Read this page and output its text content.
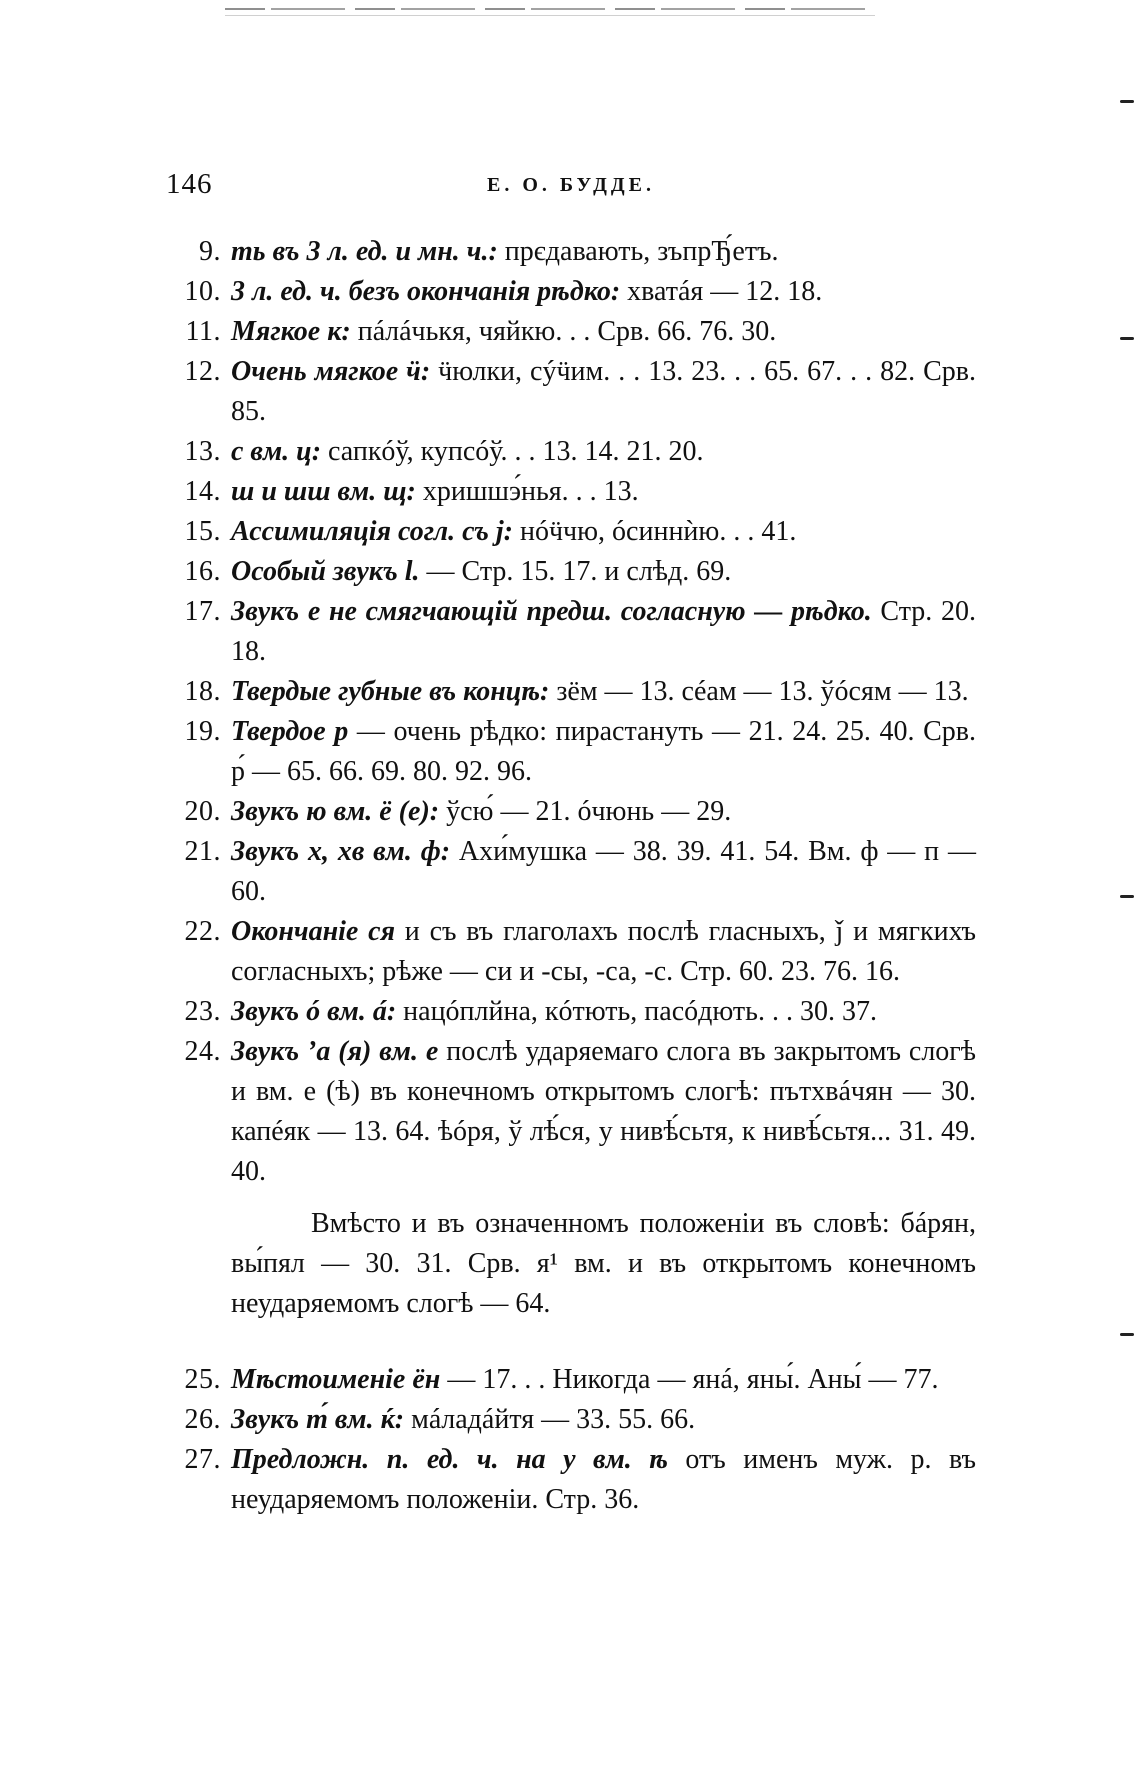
146	Е. О. БУДДЕ.
9. ть въ 3 л. ед. и мн. ч.: прєдавають, зъпрЂ́етъ.
10. 3 л. ед. ч. безъ окончанія рѣдко: хватáя — 12. 18.
11. Мягкое к: пáлáчькя, чяйкю. . . Срв. 66. 76. 30.
12. Очень мягкое ӵ: ӵюлки, сýӵим. . . 13. 23. . . 65. 67. . . 82. Срв. 85.
13. с вм. ц: сапкóў, купсóў. . . 13. 14. 21. 20.
14. ш и шш вм. щ: хришшэ́нья. . . 13.
15. Ассимиляція согл. съ j: нóӵчю, óсиннѝю. . . 41.
16. Особый звукъ l. — Стр. 15. 17. и слѣд. 69.
17. Звукъ е не смягчающій предш. согласную — рѣдко. Стр. 20. 18.
18. Твердые губные въ концѣ: зём — 13. сéам — 13. ўóсям — 13.
19. Твердое р — очень рѣдко: пирастануть — 21. 24. 25. 40. Срв. р́ — 65. 66. 69. 80. 92. 96.
20. Звукъ ю вм. ё (е): ўсю́ — 21. óчюнь — 29.
21. Звукъ х, хв вм. ф: Ахи́мушка — 38. 39. 41. 54. Вм. ф — п — 60.
22. Окончаніе ся и съ въ глаголахъ послѣ гласныхъ, ǰ и мягкихъ согласныхъ; рѣже — си и -сы, -са, -с. Стр. 60. 23. 76. 16.
23. Звукъ ó вм. á: нацóплйна, кóтють, пасóдють. . . 30. 37.
24. Звукъ ’а (я) вм. е послѣ ударяемаго слога въ закрытомъ слогѣ и вм. е (ѣ) въ конечномъ открытомъ слогѣ: пътхвáчян — 30. капéяк — 13. 64. ѣóря, ў лѣ́ся, у нивѣ́сьтя, к нивѣ́сьтя... 31. 49. 40.

Вмѣсто и въ означенномъ положеніи въ словѣ: бáрян, вы́пял — 30. 31. Срв. я¹ вм. и въ открытомъ конечномъ неударяемомъ слогѣ — 64.

25. Мѣстоименіе ён — 17. . . Никогда — янá, яны́. Аны́ — 77.
26. Звукъ т́ вм. ќ: мáладáйтя — 33. 55. 66.
27. Предложн. п. ед. ч. на у вм. ѣ отъ именъ муж. р. въ неударяемомъ положеніи. Стр. 36.
